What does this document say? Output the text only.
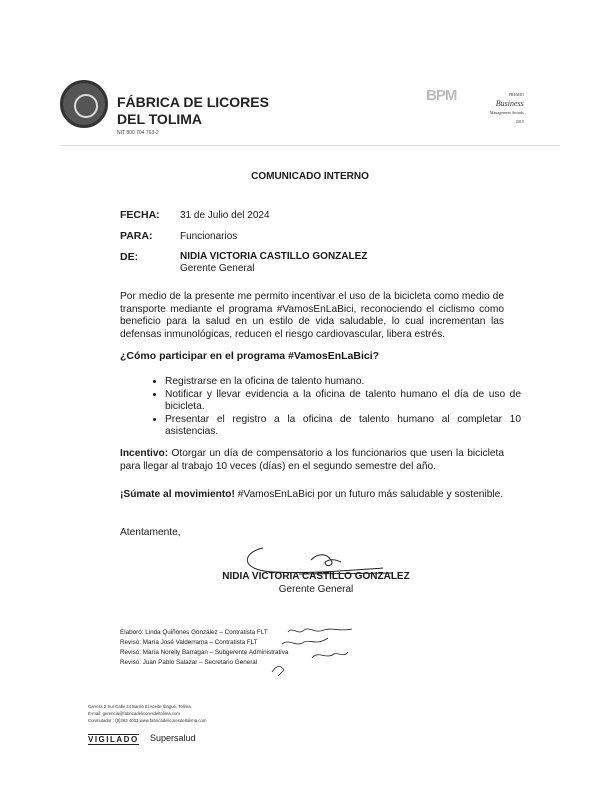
FÁBRICA DE LICORES
DEL TOLIMA
NIT 800 704 763-2
BPM	PREMIO
Business
Management Awards
2019
COMUNICADO INTERNO
FECHA: 31 de Julio del 2024
PARA:	Funcionarios
DE:	NIDIA VICTORIA CASTILLO GONZALEZ
Gerente General
Por medio de la presente me permito incentivar el uso de la bicicleta como medio de transporte mediante el programa #VamosEnLaBici, reconociendo el ciclismo como beneficio para la salud en un estilo de vida saludable, lo cual incrementan las defensas inmunológicas, reducen el riesgo cardiovascular, libera estrés.
¿Cómo participar en el programa #VamosEnLaBici?
• Registrarse en la oficina de talento humano.
• Notificar y llevar evidencia a la oficina de talento humano el día de uso de bicicleta.
• Presentar el registro a la oficina de talento humano al completar 10 asistencias.
Incentivo: Otorgar un día de compensatorio a los funcionarios que usen la bicicleta para llegar al trabajo 10 veces (días) en el segundo semestre del año.
¡Súmate al movimiento! #VamosEnLaBici por un futuro más saludable y sostenible.
Atentamente,
NIDIA VICTORIA CASTILLO GONZALEZ
Gerente General
Elaboró: Linda Quiñones González – Contratista FLT
Revisó: María José Valderrama – Contratista FLT
Revisó: María Norelly Barragán – Subgerente Administrativa
Revisó: Juan Pablo Salazar – Secretario General
Carrera 2 Sur Calle 24 Barrio El Aceite Ibagué, Tolima.
E-mail: gerencia@fabricadelicoresdeltolima.com
Conmutador : (8)263 4033 www.fabricadelicoresdeltolima.com
VIGILADO Supersalud
